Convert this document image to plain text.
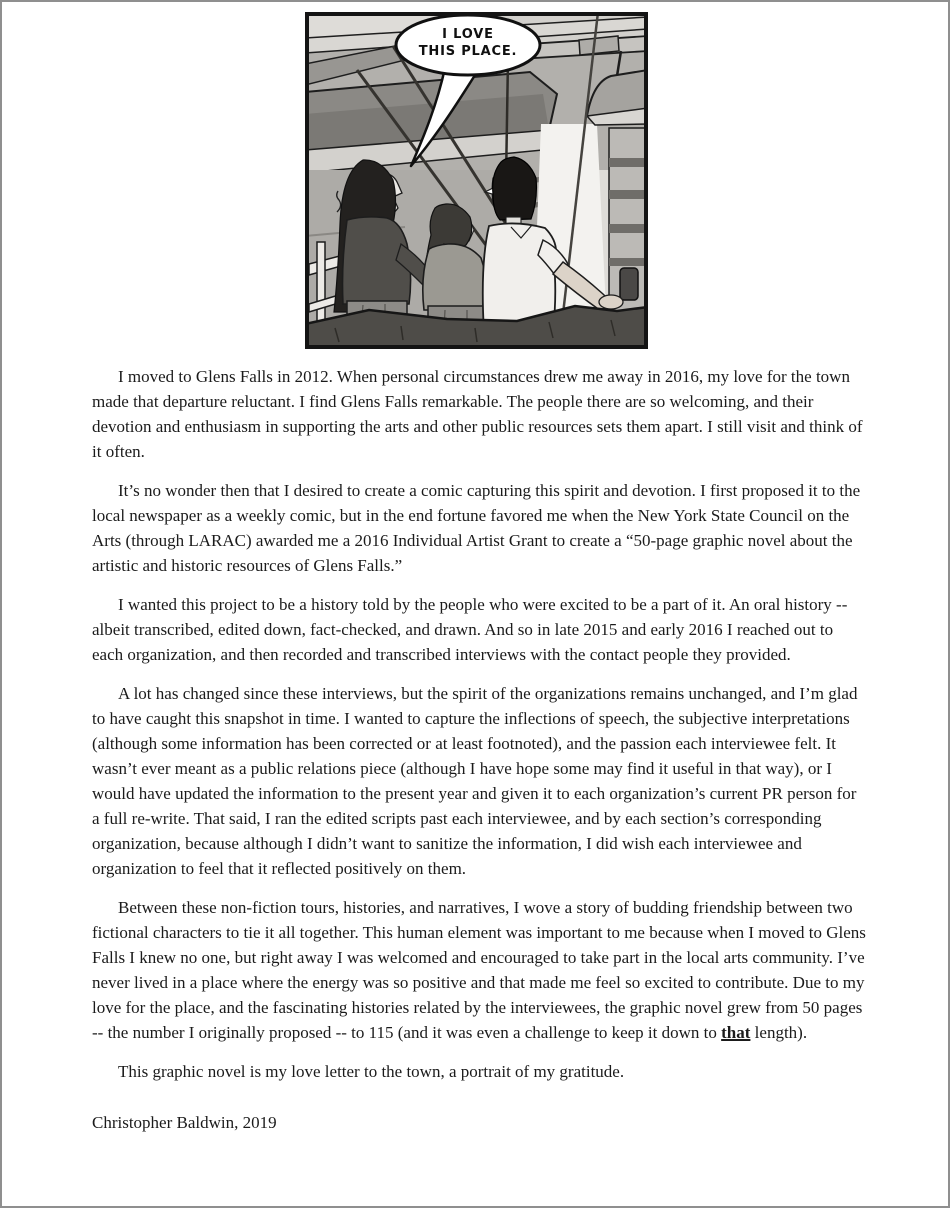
I LOVE
THIS PLACE.

I moved to Glens Falls in 2012. When personal circumstances drew me away in 2016, my love for the town made that departure reluctant. I find Glens Falls remarkable. The people there are so welcoming, and their devotion and enthusiasm in supporting the arts and other public resources sets them apart. I still visit and think of it often.

It’s no wonder then that I desired to create a comic capturing this spirit and devotion. I first proposed it to the local newspaper as a weekly comic, but in the end fortune favored me when the New York State Council on the Arts (through LARAC) awarded me a 2016 Individual Artist Grant to create a “50-page graphic novel about the artistic and historic resources of Glens Falls.”

I wanted this project to be a history told by the people who were excited to be a part of it. An oral history -- albeit transcribed, edited down, fact-checked, and drawn. And so in late 2015 and early 2016 I reached out to each organization, and then recorded and transcribed interviews with the contact people they provided.

A lot has changed since these interviews, but the spirit of the organizations remains unchanged, and I’m glad to have caught this snapshot in time. I wanted to capture the inflections of speech, the subjective interpretations (although some information has been corrected or at least footnoted), and the passion each interviewee felt. It wasn’t ever meant as a public relations piece (although I have hope some may find it useful in that way), or I would have updated the information to the present year and given it to each organization’s current PR person for a full re-write. That said, I ran the edited scripts past each interviewee, and by each section’s corresponding organization, because although I didn’t want to sanitize the information, I did wish each interviewee and organization to feel that it reflected positively on them.

Between these non-fiction tours, histories, and narratives, I wove a story of budding friendship between two fictional characters to tie it all together. This human element was important to me because when I moved to Glens Falls I knew no one, but right away I was welcomed and encouraged to take part in the local arts community. I’ve never lived in a place where the energy was so positive and that made me feel so excited to contribute. Due to my love for the place, and the fascinating histories related by the interviewees, the graphic novel grew from 50 pages -- the number I originally proposed -- to 115 (and it was even a challenge to keep it down to that length).

This graphic novel is my love letter to the town, a portrait of my gratitude.

Christopher Baldwin, 2019
